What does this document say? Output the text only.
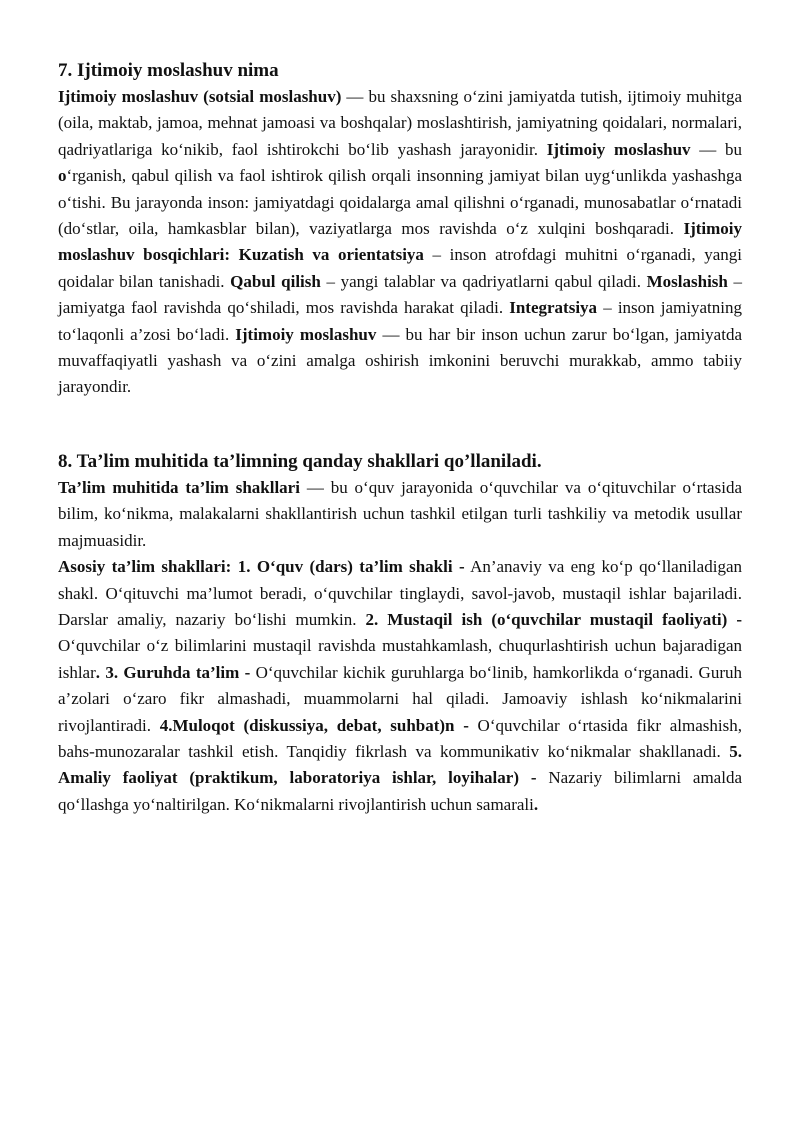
7. Ijtimoiy moslashuv nima

Ijtimoiy moslashuv (sotsial moslashuv) — bu shaxsning o‘zini jamiyatda tutish, ijtimoiy muhitga (oila, maktab, jamoa, mehnat jamoasi va boshqalar) moslashtirish, jamiyatning qoidalari, normalari, qadriyatlariga ko‘nikib, faol ishtirokchi bo‘lib yashash jarayonidir. Ijtimoiy moslashuv — bu o‘rganish, qabul qilish va faol ishtirok qilish orqali insonning jamiyat bilan uyg‘unlikda yashashga o‘tishi. Bu jarayonda inson: jamiyatdagi qoidalarga amal qilishni o‘rganadi, munosabatlar o‘rnatadi (do‘stlar, oila, hamkasblar bilan), vaziyatlarga mos ravishda o‘z xulqini boshqaradi. Ijtimoiy moslashuv bosqichlari: Kuzatish va orientatsiya – inson atrofdagi muhitni o‘rganadi, yangi qoidalar bilan tanishadi. Qabul qilish – yangi talablar va qadriyatlarni qabul qiladi. Moslashish – jamiyatga faol ravishda qo‘shiladi, mos ravishda harakat qiladi. Integratsiya – inson jamiyatning to‘laqonli a’zosi bo‘ladi. Ijtimoiy moslashuv — bu har bir inson uchun zarur bo‘lgan, jamiyatda muvaffaqiyatli yashash va o‘zini amalga oshirish imkonini beruvchi murakkab, ammo tabiiy jarayondir.

8. Ta’lim muhitida ta’limning qanday shakllari qo’llaniladi.

Ta’lim muhitida ta’lim shakllari — bu o‘quv jarayonida o‘quvchilar va o‘qituvchilar o‘rtasida bilim, ko‘nikma, malakalarni shakllantirish uchun tashkil etilgan turli tashkiliy va metodik usullar majmuasidir.

Asosiy ta’lim shakllari: 1. O‘quv (dars) ta’lim shakli - An’anaviy va eng ko‘p qo‘llaniladigan shakl. O‘qituvchi ma’lumot beradi, o‘quvchilar tinglaydi, savol-javob, mustaqil ishlar bajariladi. Darslar amaliy, nazariy bo‘lishi mumkin. 2. Mustaqil ish (o‘quvchilar mustaqil faoliyati) - O‘quvchilar o‘z bilimlarini mustaqil ravishda mustahkamlash, chuqurlashtirish uchun bajaradigan ishlar. 3. Guruhda ta’lim - O‘quvchilar kichik guruhlarga bo‘linib, hamkorlikda o‘rganadi. Guruh a’zolari o‘zaro fikr almashadi, muammolarni hal qiladi. Jamoaviy ishlash ko‘nikmalarini rivojlantiradi. 4.Muloqot (diskussiya, debat, suhbat)n - O‘quvchilar o‘rtasida fikr almashish, bahs-munozaralar tashkil etish. Tanqidiy fikrlash va kommunikativ ko‘nikmalar shakllanadi. 5. Amaliy faoliyat (praktikum, laboratoriya ishlar, loyihalar) - Nazariy bilimlarni amalda qo‘llashga yo‘naltirilgan. Ko‘nikmalarni rivojlantirish uchun samarali.
